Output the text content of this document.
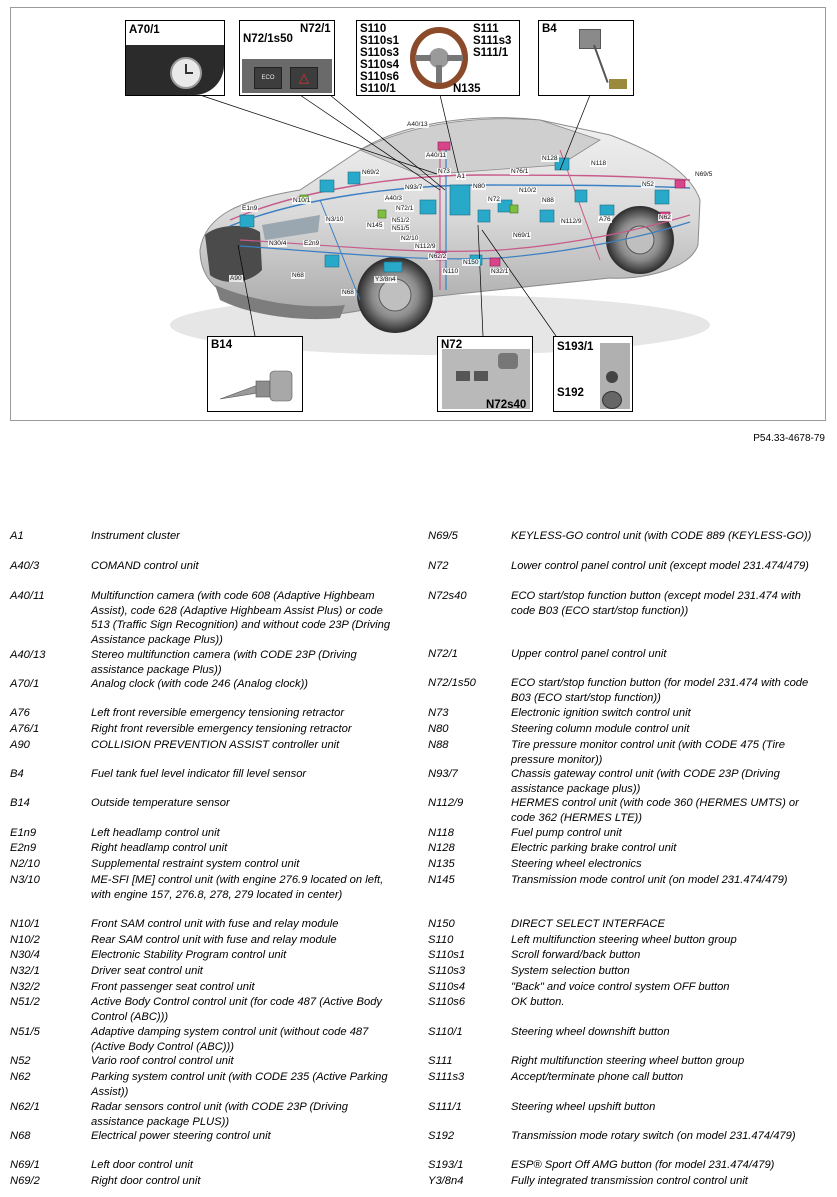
A40/13
A40/11
N73
A1
N69/2
N93/7
N10/1	A40/3
N72/1
N3/10	N51/2
N145 N51/5
N2/10
N112/9
N62/2
N80
N72
N76/1
N10/2
N88
N128
N118
N69/5
N52
N62
N69/1
N112/9	A76
E1n9
N30/4
N68
E2n9
Y3/8n4
N110
N150
N32/1
A90
N68
A70/1
ECO	△
N72/1s50
N72/1	S110
S110s1
S110s3
S110s4
S110s6
S110/1
S111
S111s3
S111/1
N135
B4
B14	N72
N72s40
S193/1
S192
P54.33-4678-79
A1	Instrument cluster
A40/3	COMAND control unit
A40/11	Multifunction camera (with code 608 (Adaptive Highbeam Assist), code 628 (Adaptive Highbeam Assist Plus) or code 513 (Traffic Sign Recognition) and without code 23P (Driving Assistance package Plus))
A40/13	Stereo multifunction camera (with CODE 23P (Driving assistance package Plus))
A70/1	Analog clock (with code 246 (Analog clock))
A76	Left front reversible emergency tensioning retractor
A76/1	Right front reversible emergency tensioning retractor
A90	COLLISION PREVENTION ASSIST controller unit
B4	Fuel tank fuel level indicator fill level sensor
B14	Outside temperature sensor
E1n9	Left headlamp control unit
E2n9	Right headlamp control unit
N2/10	Supplemental restraint system control unit
N3/10	ME-SFI [ME] control unit (with engine 276.9 located on left, with engine 157, 276.8, 278, 279 located in center)
N10/1	Front SAM control unit with fuse and relay module
N10/2	Rear SAM control unit with fuse and relay module
N30/4	Electronic Stability Program control unit
N32/1	Driver seat control unit
N32/2	Front passenger seat control unit
N51/2	Active Body Control control unit (for code 487 (Active Body Control (ABC)))
N51/5	Adaptive damping system control unit (without code 487 (Active Body Control (ABC)))
N52	Vario roof control control unit
N62	Parking system control unit (with CODE 235 (Active Parking Assist))
N62/1	Radar sensors control unit (with CODE 23P (Driving assistance package PLUS))
N68	Electrical power steering control unit
N69/1	Left door control unit
N69/2	Right door control unit
N69/5	KEYLESS-GO control unit (with CODE 889 (KEYLESS-GO))
N72	Lower control panel control unit (except model 231.474/479)
N72s40	ECO start/stop function button (except model 231.474 with code B03 (ECO start/stop function))
N72/1	Upper control panel control unit
N72/1s50	ECO start/stop function button (for model 231.474 with code B03 (ECO start/stop function))
N73	Electronic ignition switch control unit
N80	Steering column module control unit
N88	Tire pressure monitor control unit (with CODE 475 (Tire pressure monitor))
N93/7	Chassis gateway control unit (with CODE 23P (Driving assistance package plus))
N112/9	HERMES control unit (with code 360 (HERMES UMTS) or code 362 (HERMES LTE))
N118	Fuel pump control unit
N128	Electric parking brake control unit
N135	Steering wheel electronics
N145	Transmission mode control unit (on model 231.474/479)
N150	DIRECT SELECT INTERFACE
S110	Left multifunction steering wheel button group
S110s1	Scroll forward/back button
S110s3	System selection button
S110s4	"Back" and voice control system OFF button
S110s6	OK button.
S110/1	Steering wheel downshift button
S111	Right multifunction steering wheel button group
S111s3	Accept/terminate phone call button
S111/1	Steering wheel upshift button
S192	Transmission mode rotary switch (on model 231.474/479)
S193/1	ESP® Sport Off AMG button (for model 231.474/479)
Y3/8n4	Fully integrated transmission control control unit
